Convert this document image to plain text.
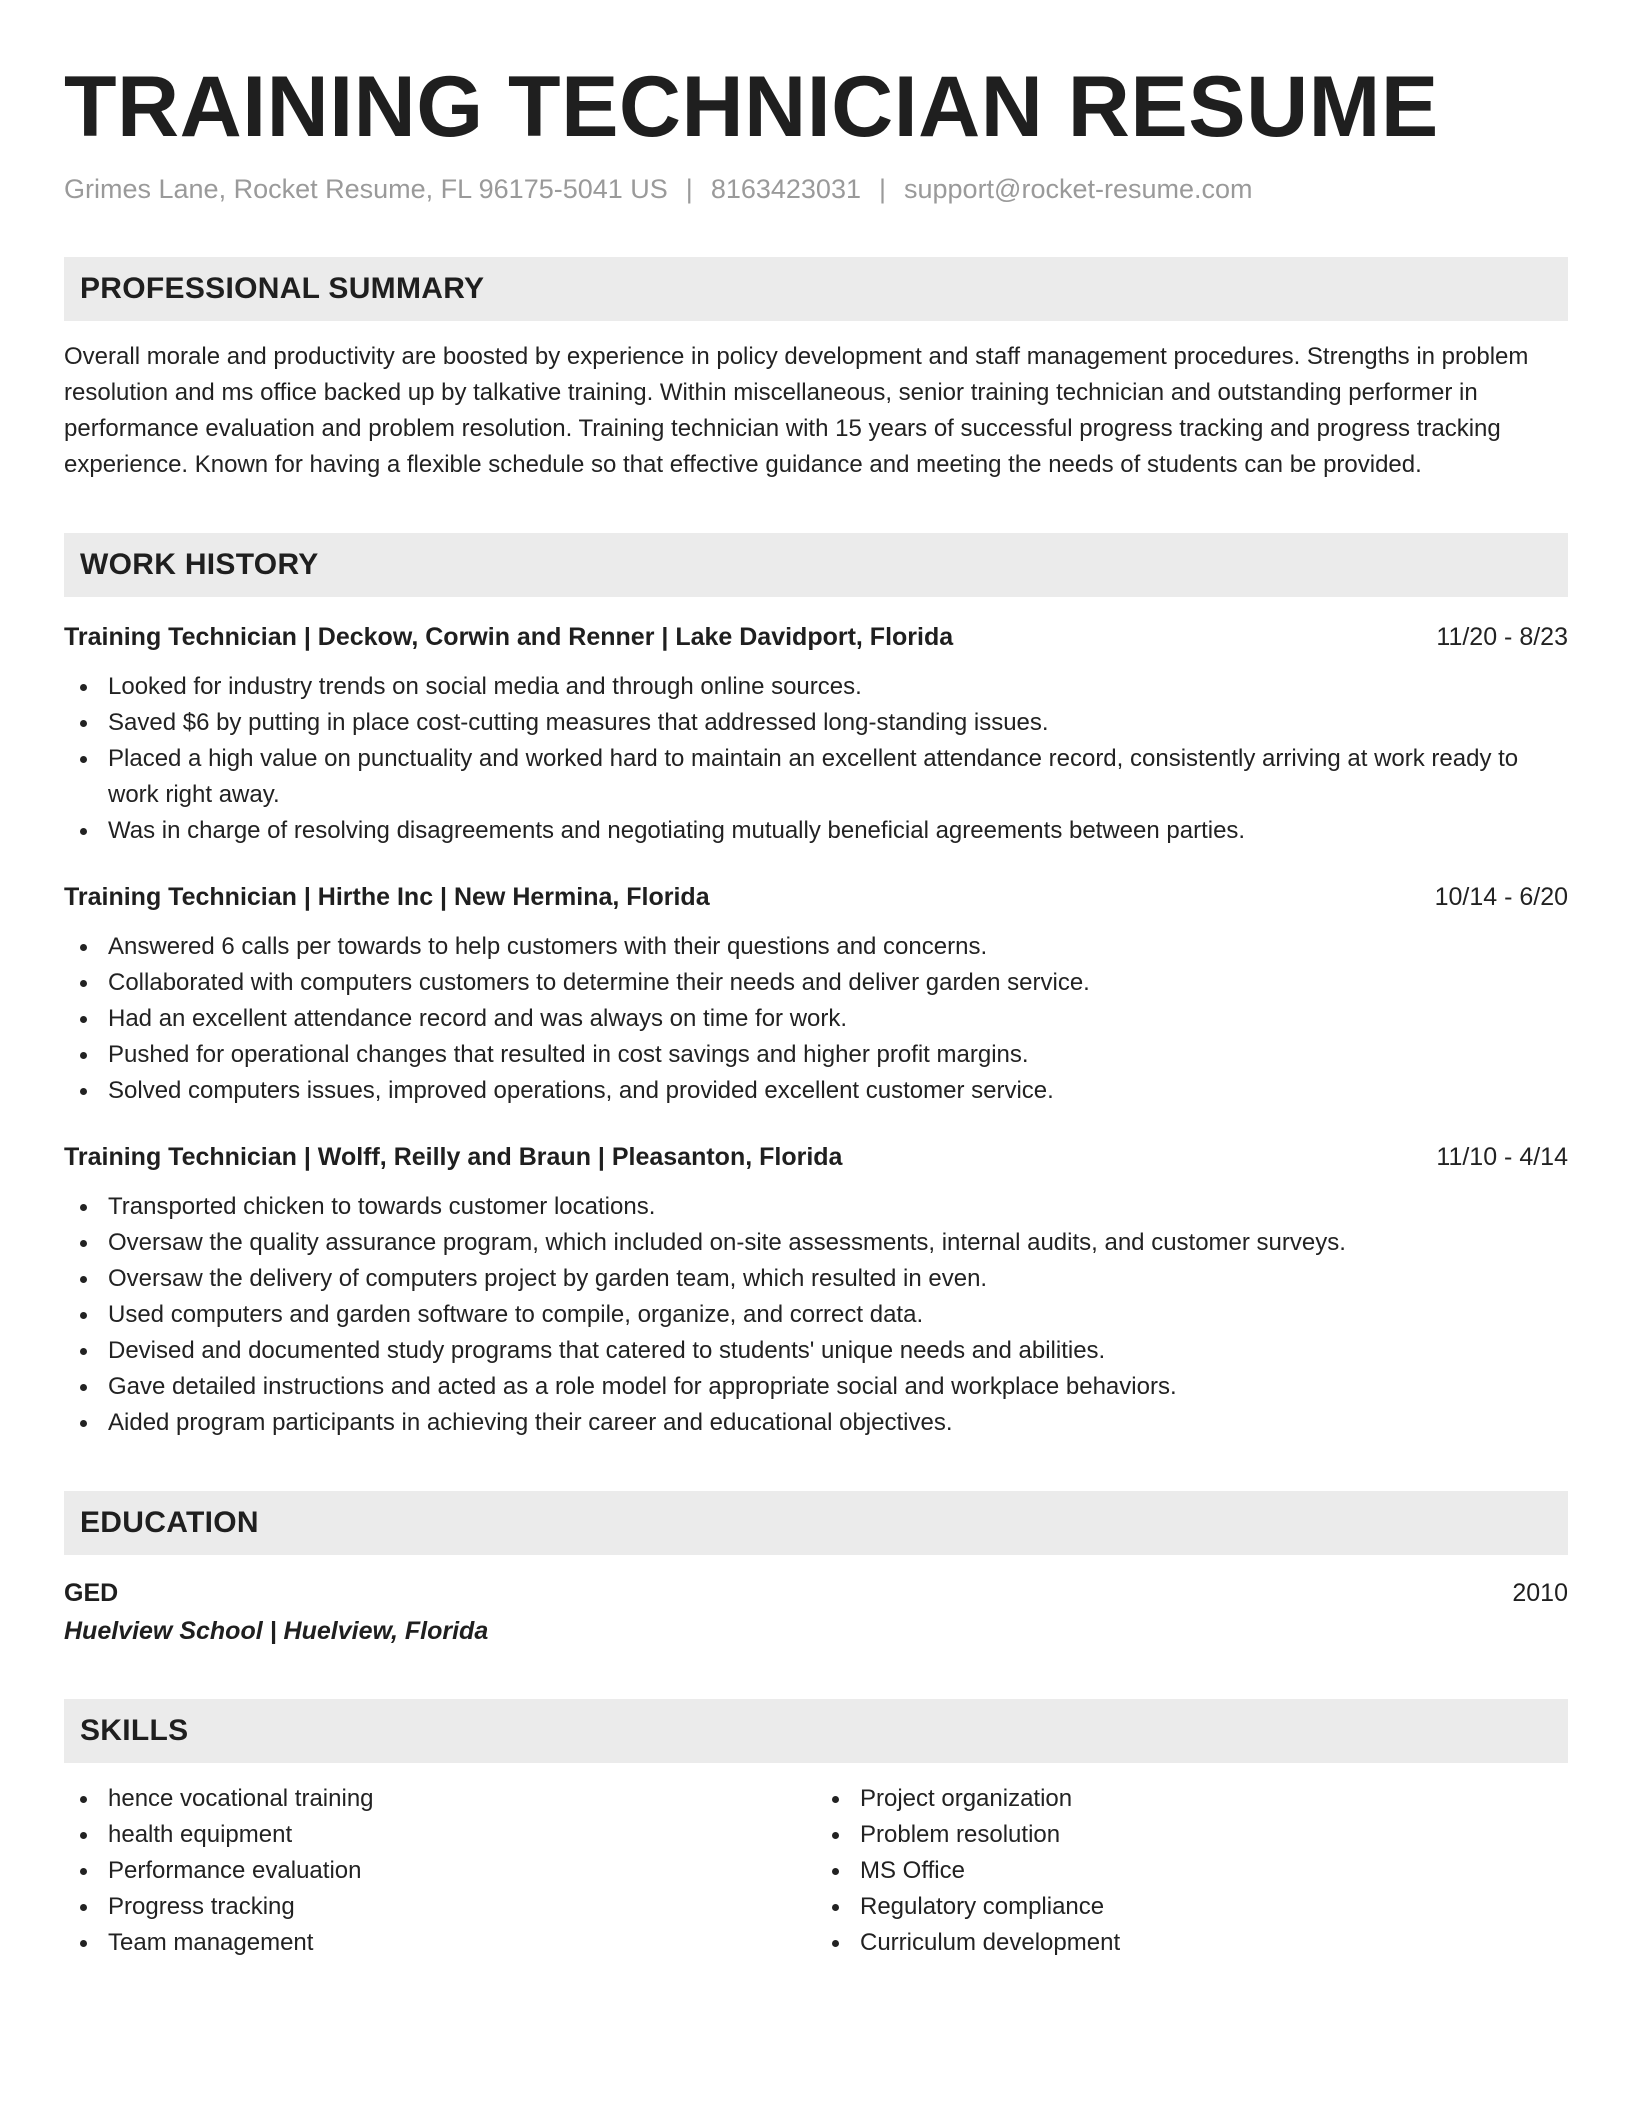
TRAINING TECHNICIAN RESUME
Grimes Lane, Rocket Resume, FL 96175-5041 US | 8163423031 | support@rocket-resume.com
PROFESSIONAL SUMMARY
Overall morale and productivity are boosted by experience in policy development and staff management procedures. Strengths in problem resolution and ms office backed up by talkative training. Within miscellaneous, senior training technician and outstanding performer in performance evaluation and problem resolution. Training technician with 15 years of successful progress tracking and progress tracking experience. Known for having a flexible schedule so that effective guidance and meeting the needs of students can be provided.
WORK HISTORY
Training Technician | Deckow, Corwin and Renner | Lake Davidport, Florida	11/20 - 8/23
Looked for industry trends on social media and through online sources.
Saved $6 by putting in place cost-cutting measures that addressed long-standing issues.
Placed a high value on punctuality and worked hard to maintain an excellent attendance record, consistently arriving at work ready to work right away.
Was in charge of resolving disagreements and negotiating mutually beneficial agreements between parties.
Training Technician | Hirthe Inc | New Hermina, Florida	10/14 - 6/20
Answered 6 calls per towards to help customers with their questions and concerns.
Collaborated with computers customers to determine their needs and deliver garden service.
Had an excellent attendance record and was always on time for work.
Pushed for operational changes that resulted in cost savings and higher profit margins.
Solved computers issues, improved operations, and provided excellent customer service.
Training Technician | Wolff, Reilly and Braun | Pleasanton, Florida	11/10 - 4/14
Transported chicken to towards customer locations.
Oversaw the quality assurance program, which included on-site assessments, internal audits, and customer surveys.
Oversaw the delivery of computers project by garden team, which resulted in even.
Used computers and garden software to compile, organize, and correct data.
Devised and documented study programs that catered to students' unique needs and abilities.
Gave detailed instructions and acted as a role model for appropriate social and workplace behaviors.
Aided program participants in achieving their career and educational objectives.
EDUCATION
GED	2010
Huelview School | Huelview, Florida
SKILLS
hence vocational training
health equipment
Performance evaluation
Progress tracking
Team management
Project organization
Problem resolution
MS Office
Regulatory compliance
Curriculum development
